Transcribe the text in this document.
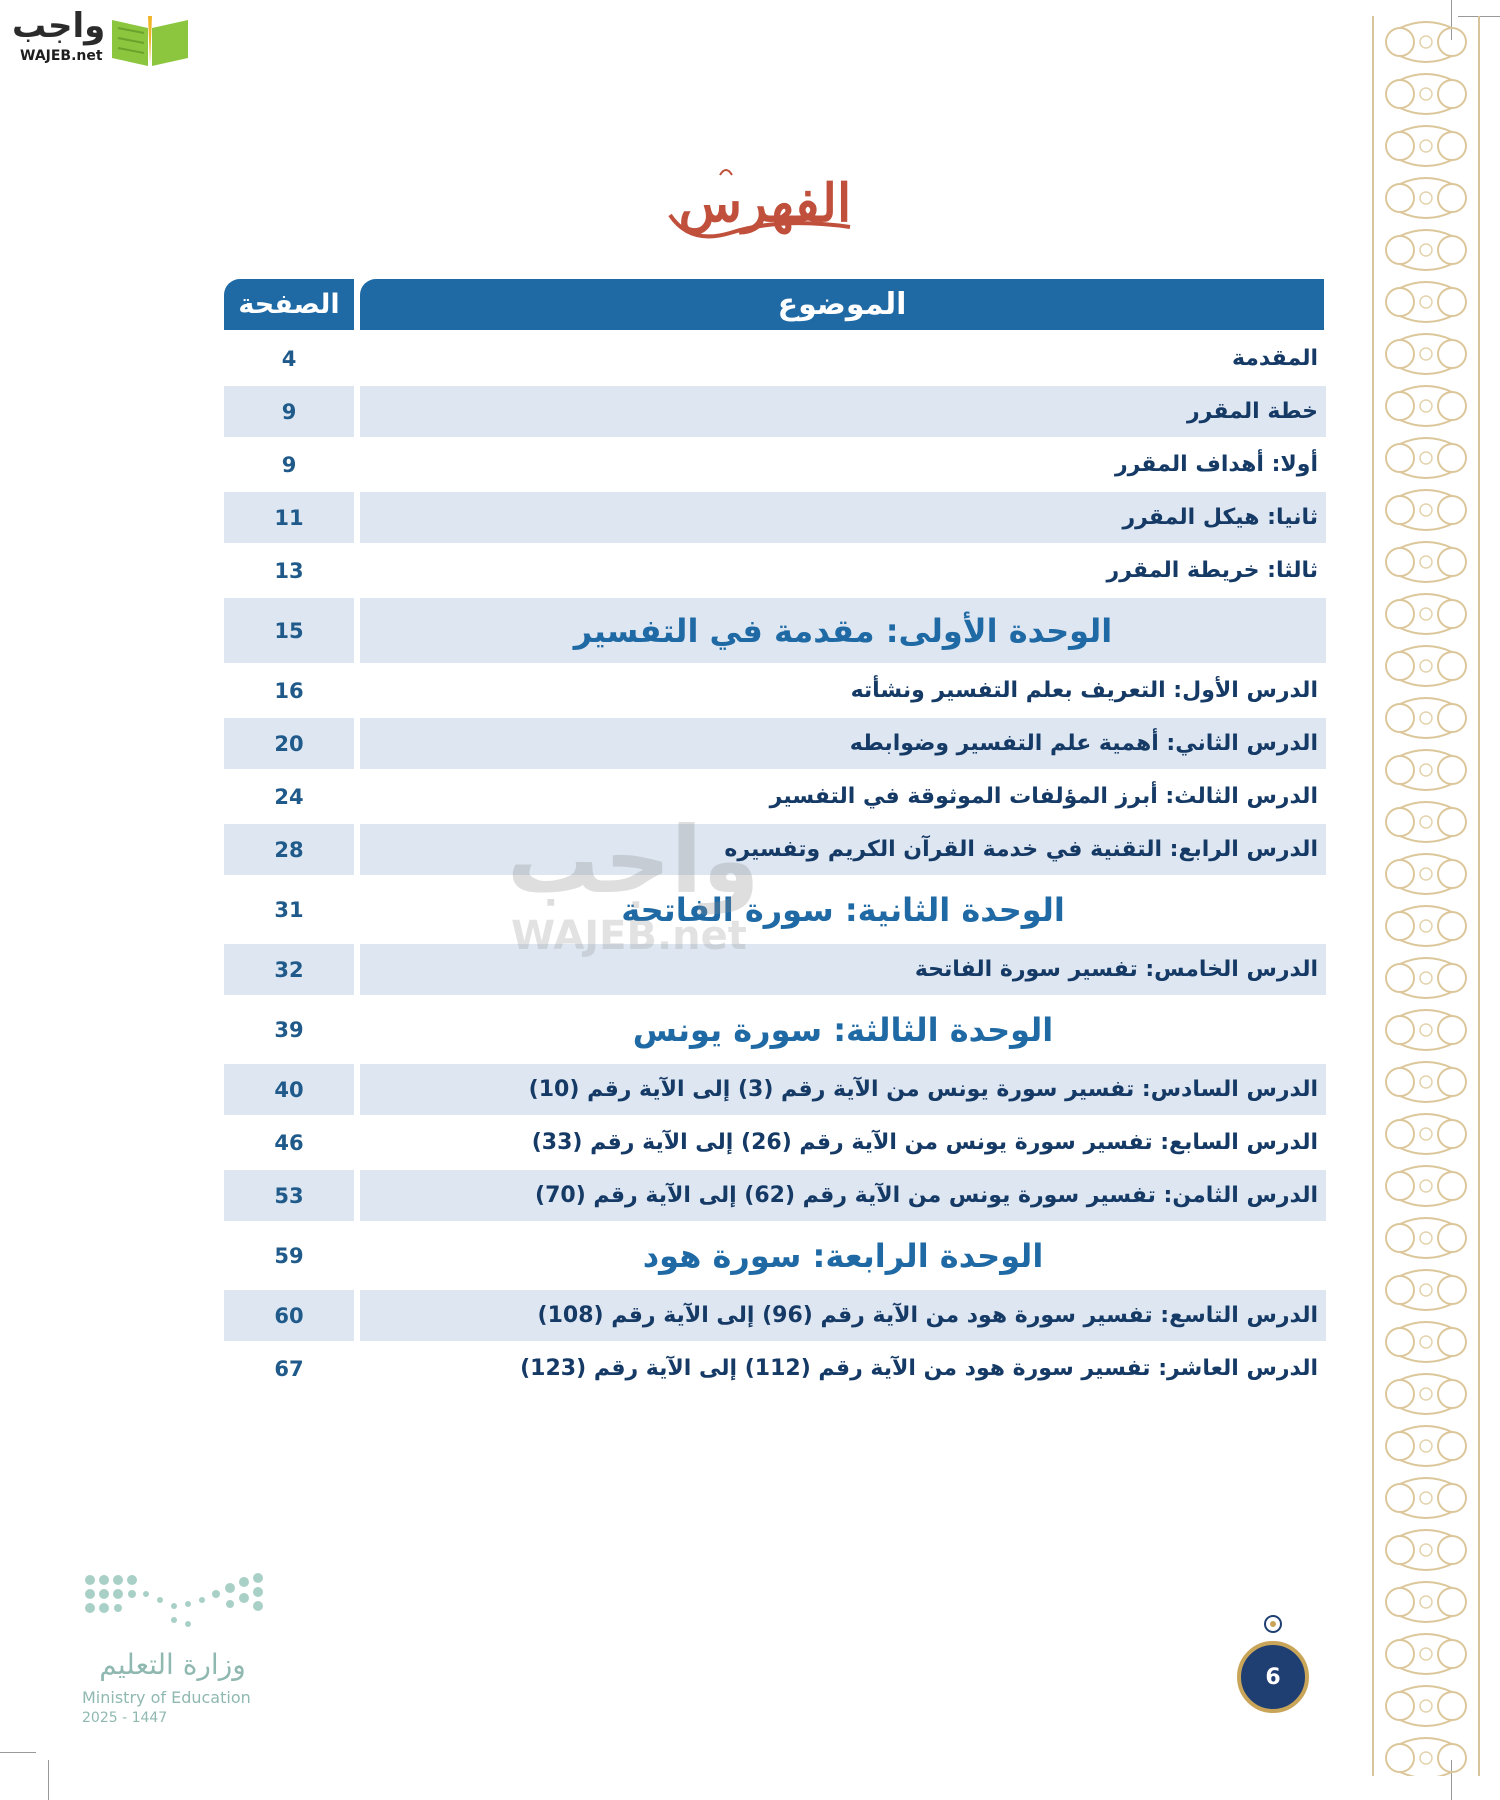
واجب
WAJEB.net
الفهرس
الصفحة	الموضوع
4	المقدمة
9	خطة المقرر
9	أولا: أهداف المقرر
11	ثانيا: هيكل المقرر
13	ثالثا: خريطة المقرر
15	الوحدة الأولى: مقدمة في التفسير
16	الدرس الأول: التعريف بعلم التفسير ونشأته
20	الدرس الثاني: أهمية علم التفسير وضوابطه
24	الدرس الثالث: أبرز المؤلفات الموثوقة في التفسير
28	الدرس الرابع: التقنية في خدمة القرآن الكريم وتفسيره
31	الوحدة الثانية: سورة الفاتحة
32	الدرس الخامس: تفسير سورة الفاتحة
39	الوحدة الثالثة: سورة يونس
40	الدرس السادس: تفسير سورة يونس من الآية رقم (3) إلى الآية رقم (10)
46	الدرس السابع: تفسير سورة يونس من الآية رقم (26) إلى الآية رقم (33)
53	الدرس الثامن: تفسير سورة يونس من الآية رقم (62) إلى الآية رقم (70)
59	الوحدة الرابعة: سورة هود
60	الدرس التاسع: تفسير سورة هود من الآية رقم (96) إلى الآية رقم (108)
67	الدرس العاشر: تفسير سورة هود من الآية رقم (112) إلى الآية رقم (123)
واجب
WAJEB.net
6
وزارة التعليم
Ministry of Education
2025 - 1447
